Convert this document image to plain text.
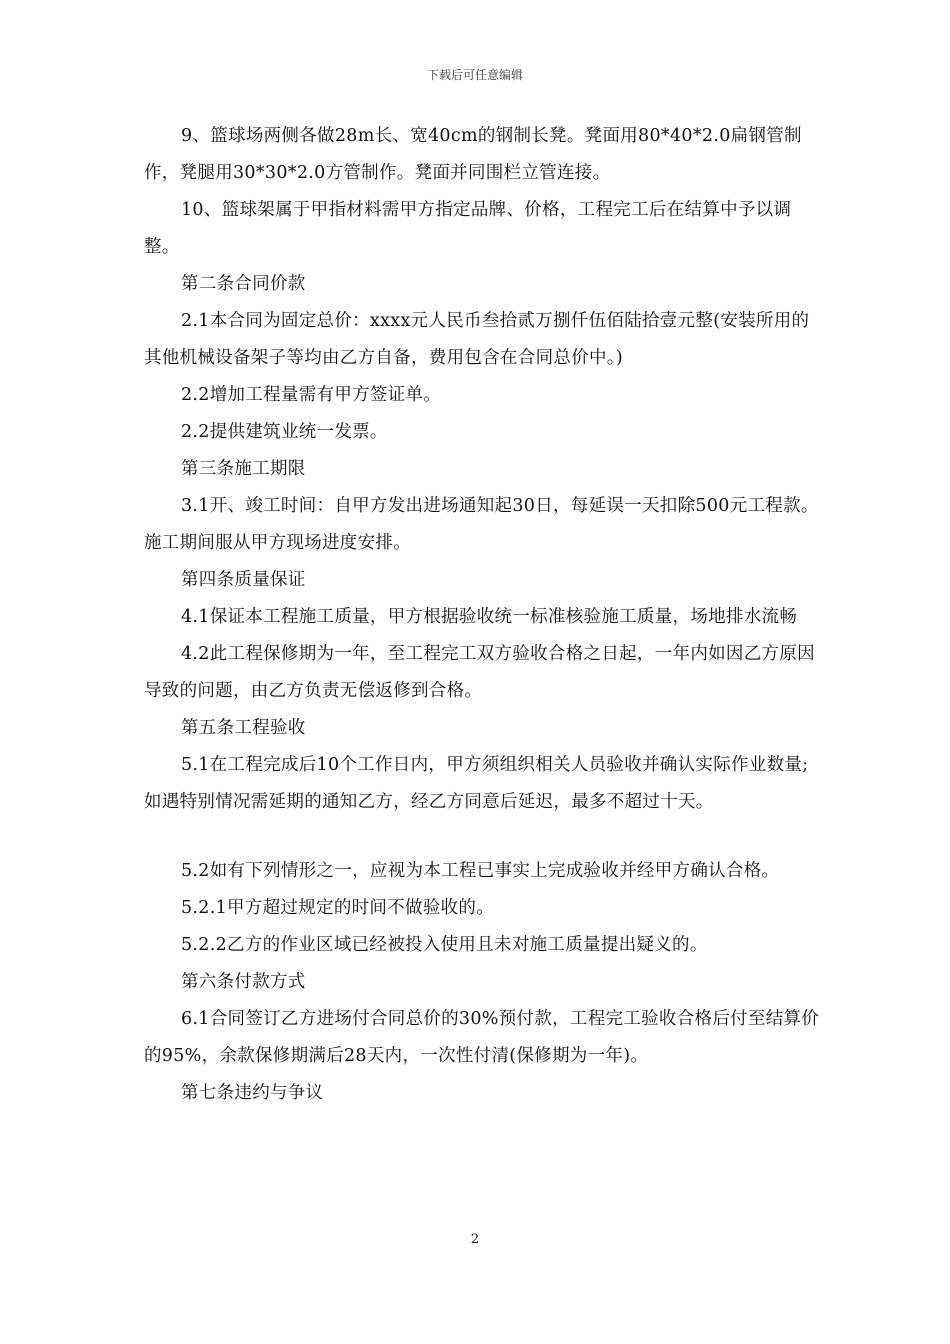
下载后可任意编辑

9、篮球场两侧各做28m长、宽40cm的钢制长凳。凳面用80*40*2.0扁钢管制作，凳腿用30*30*2.0方管制作。凳面并同围栏立管连接。

10、篮球架属于甲指材料需甲方指定品牌、价格，工程完工后在结算中予以调整。

第二条合同价款

2.1本合同为固定总价：xxxx元人民币叁拾贰万捌仟伍佰陆拾壹元整(安装所用的其他机械设备架子等均由乙方自备，费用包含在合同总价中。)

2.2增加工程量需有甲方签证单。

2.2提供建筑业统一发票。

第三条施工期限

3.1开、竣工时间：自甲方发出进场通知起30日，每延误一天扣除500元工程款。施工期间服从甲方现场进度安排。

第四条质量保证

4.1保证本工程施工质量，甲方根据验收统一标准核验施工质量，场地排水流畅

4.2此工程保修期为一年，至工程完工双方验收合格之日起，一年内如因乙方原因导致的问题，由乙方负责无偿返修到合格。

第五条工程验收

5.1在工程完成后10个工作日内，甲方须组织相关人员验收并确认实际作业数量;如遇特别情况需延期的通知乙方，经乙方同意后延迟，最多不超过十天。

5.2如有下列情形之一，应视为本工程已事实上完成验收并经甲方确认合格。

5.2.1甲方超过规定的时间不做验收的。

5.2.2乙方的作业区域已经被投入使用且未对施工质量提出疑义的。

第六条付款方式

6.1合同签订乙方进场付合同总价的30%预付款，工程完工验收合格后付至结算价的95%，余款保修期满后28天内，一次性付清(保修期为一年)。

第七条违约与争议

2
